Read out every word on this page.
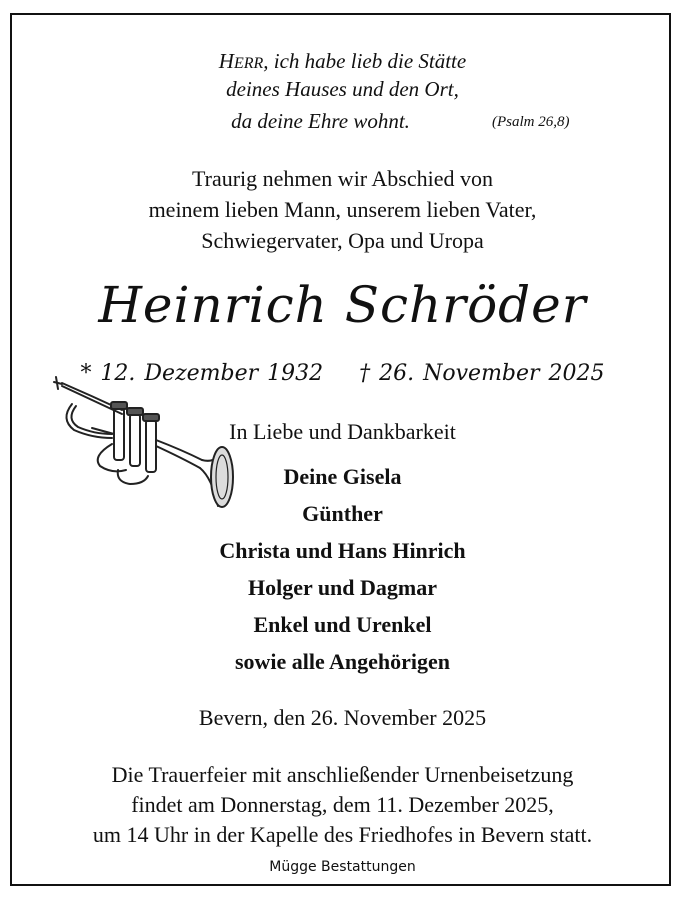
HERR, ich habe lieb die Stätte
deines Hauses und den Ort,
da deine Ehre wohnt.	(Psalm 26,8)
Traurig nehmen wir Abschied von
meinem lieben Mann, unserem lieben Vater,
Schwiegervater, Opa und Uropa
Heinrich Schröder
* 12. Dezember 1932 † 26. November 2025
In Liebe und Dankbarkeit
Deine Gisela
Günther
Christa und Hans Hinrich
Holger und Dagmar
Enkel und Urenkel
sowie alle Angehörigen
Bevern, den 26. November 2025
Die Trauerfeier mit anschließender Urnenbeisetzung
findet am Donnerstag, dem 11. Dezember 2025,
um 14 Uhr in der Kapelle des Friedhofes in Bevern statt.
Mügge Bestattungen
